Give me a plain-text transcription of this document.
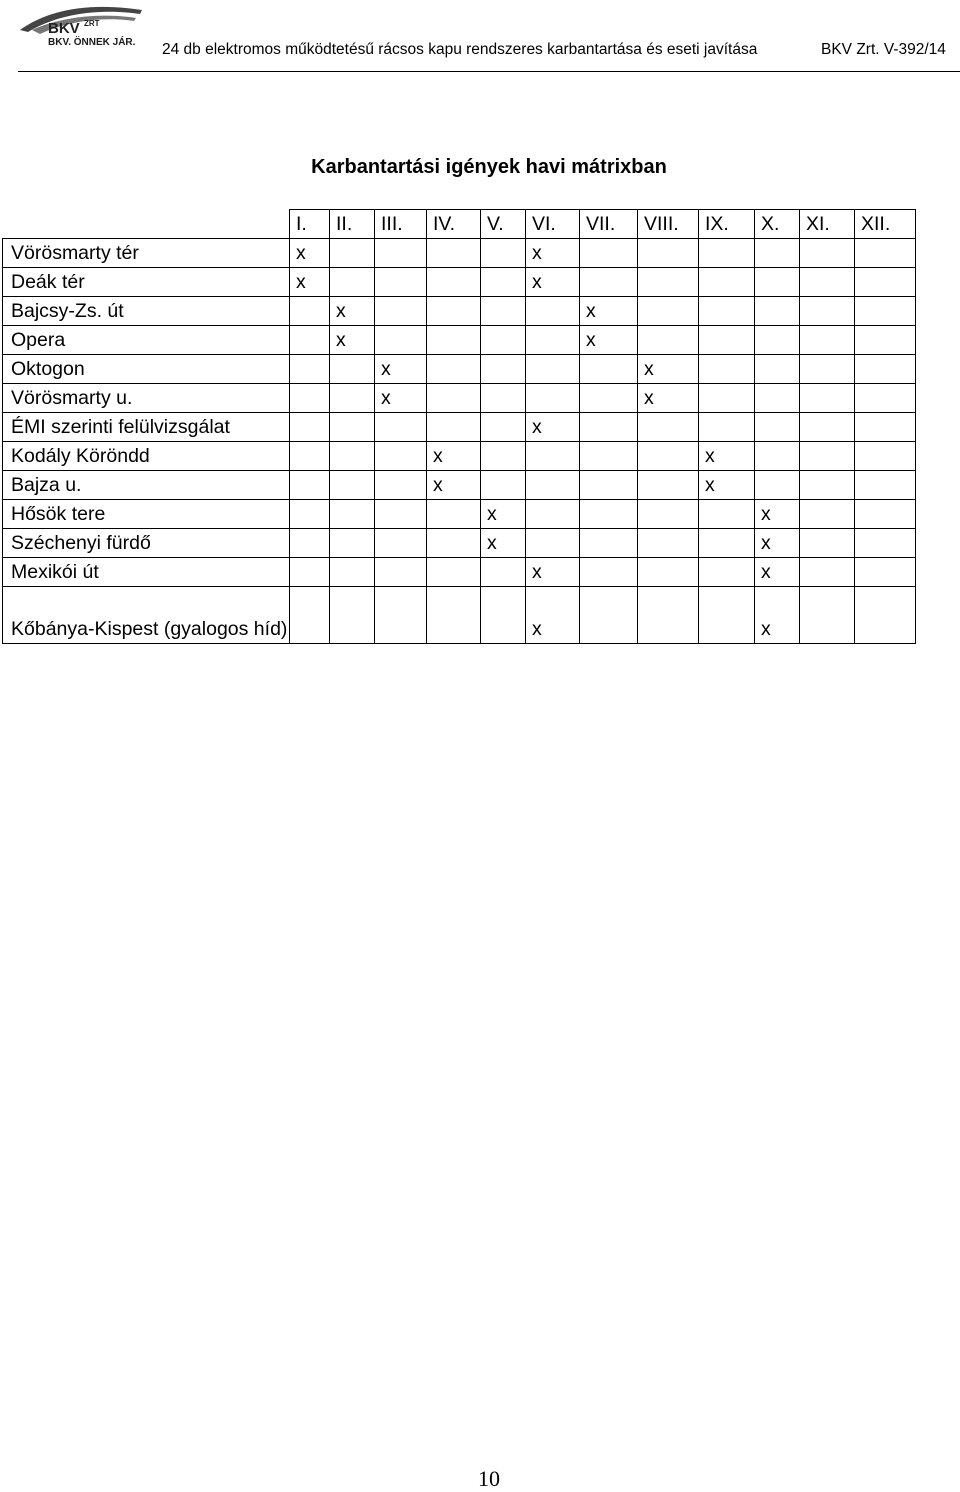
BKV ZRT
BKV. ÖNNEK JÁR. 24 db elektromos működtetésű rácsos kapu rendszeres karbantartása és eseti javítása	BKV Zrt. V-392/14
Karbantartási igények havi mátrixban
	I.	II.	III.	IV.	V.	VI.	VII.	VIII.	IX.	X.	XI.	XII.
Vörösmarty tér	x					x						
Deák tér	x					x						
Bajcsy-Zs. út		x					x					
Opera		x					x					
Oktogon			x					x				
Vörösmarty u.			x					x				
ÉMI szerinti felülvizsgálat						x						
Kodály Köröndd				x					x			
Bajza u.				x					x			
Hősök tere					x					x		
Széchenyi fürdő					x					x		
Mexikói út						x				x		
Kőbánya-Kispest (gyalogos híd)						x				x		
10
